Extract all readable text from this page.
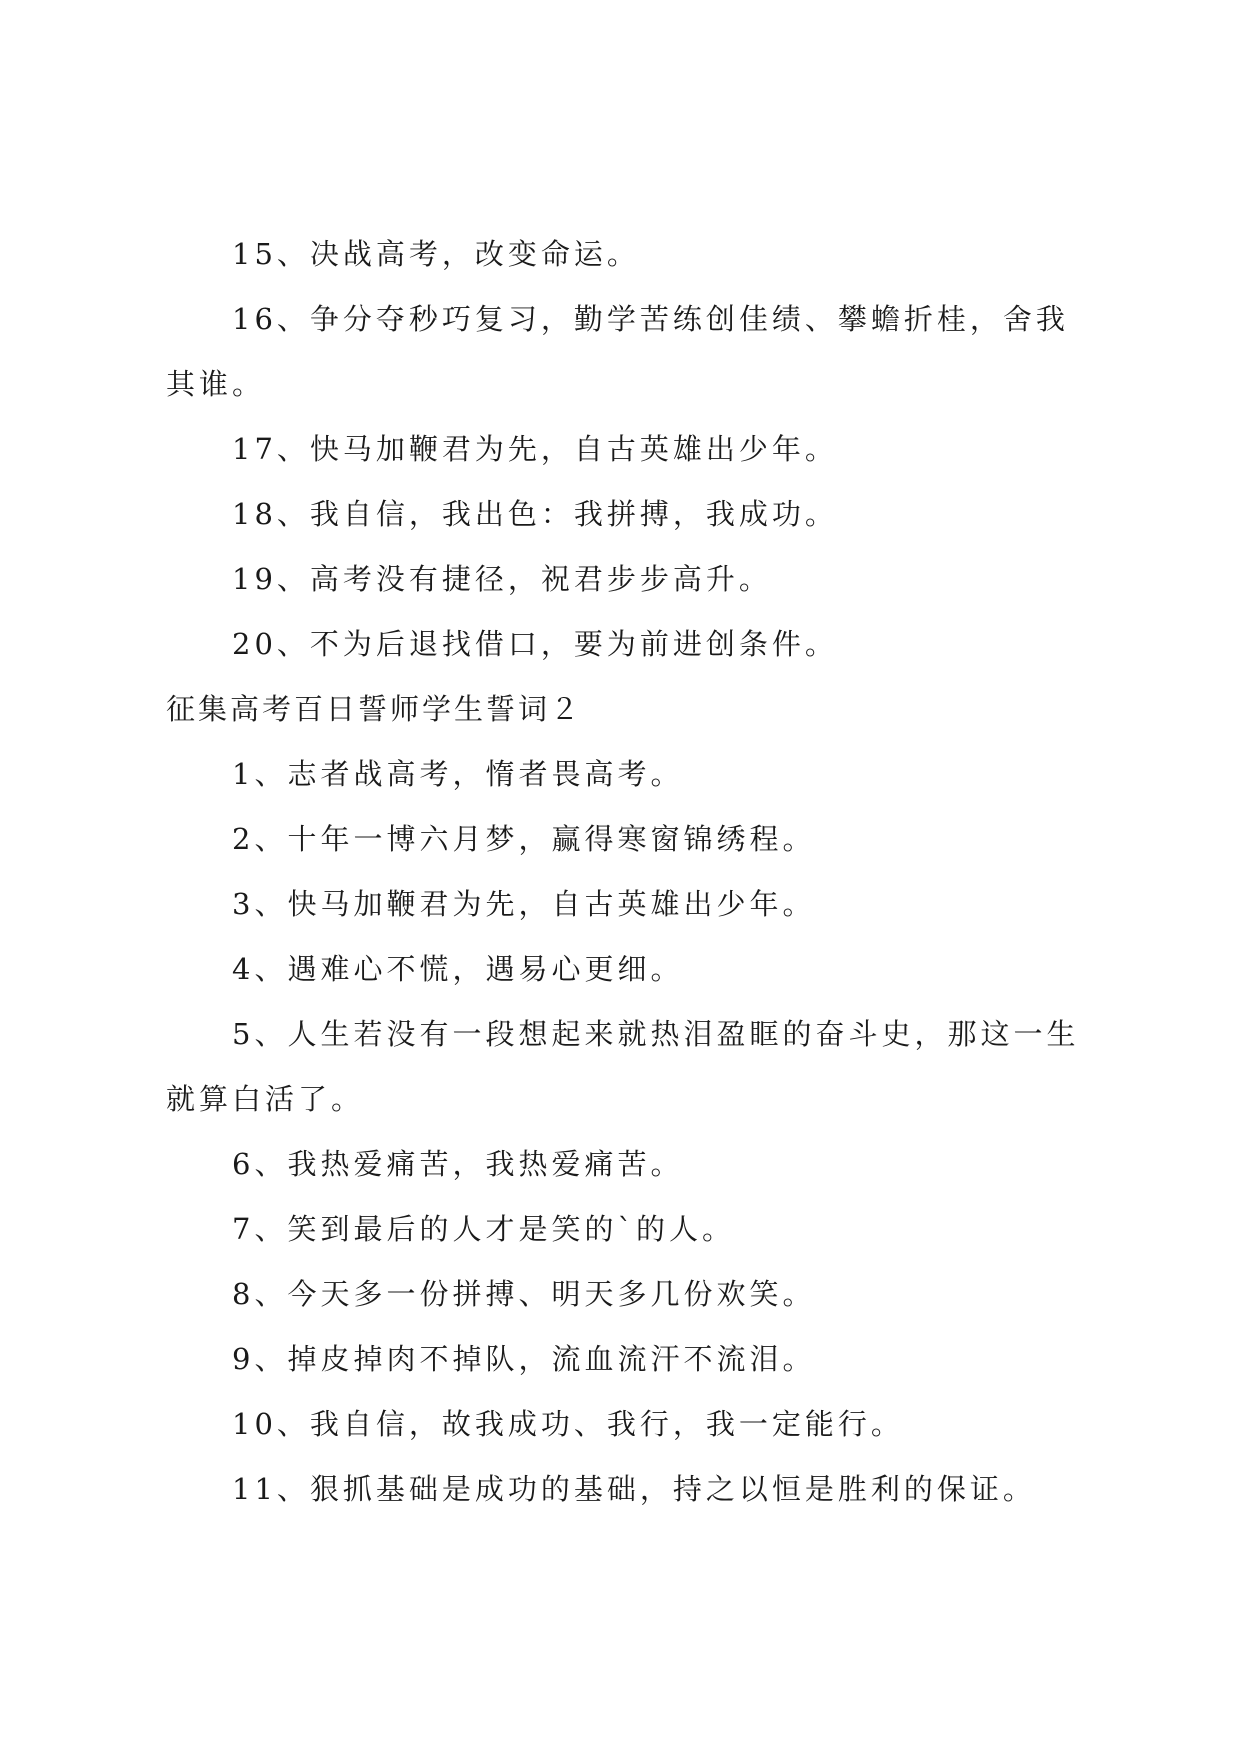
15、决战高考，改变命运。
16、争分夺秒巧复习，勤学苦练创佳绩、攀蟾折桂，舍我其谁。
17、快马加鞭君为先，自古英雄出少年。
18、我自信，我出色：我拼搏，我成功。
19、高考没有捷径，祝君步步高升。
20、不为后退找借口，要为前进创条件。
征集高考百日誓师学生誓词２
1、志者战高考，惰者畏高考。
2、十年一博六月梦，赢得寒窗锦绣程。
3、快马加鞭君为先，自古英雄出少年。
4、遇难心不慌，遇易心更细。
5、人生若没有一段想起来就热泪盈眶的奋斗史，那这一生就算白活了。
6、我热爱痛苦，我热爱痛苦。
7、笑到最后的人才是笑的`的人。
8、今天多一份拼搏、明天多几份欢笑。
9、掉皮掉肉不掉队，流血流汗不流泪。
10、我自信，故我成功、我行，我一定能行。
11、狠抓基础是成功的基础，持之以恒是胜利的保证。
